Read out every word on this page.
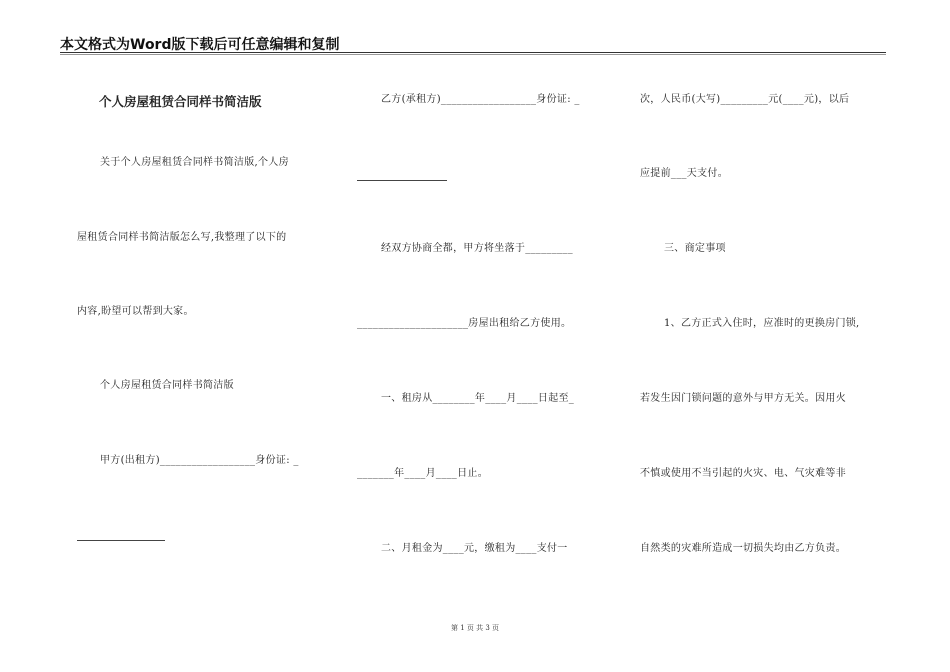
本文格式为Word版下载后可任意编辑和复制
个人房屋租赁合同样书简洁版
关于个人房屋租赁合同样书简洁版,个人房
屋租赁合同样书简洁版怎么写,我整理了以下的
内容,盼望可以帮到大家。
个人房屋租赁合同样书简洁版
甲方(出租方)__________________身份证: _
乙方(承租方)__________________身份证: _
经双方协商全都，甲方将坐落于_________
_____________________房屋出租给乙方使用。
一、租房从________年____月____日起至_
_______年____月____日止。
二、月租金为____元，缴租为____支付一
次，人民币(大写)_________元(____元)，以后
应提前___天支付。
三、商定事项
1、乙方正式入住时，应准时的更换房门锁,
若发生因门锁问题的意外与甲方无关。因用火
不慎或使用不当引起的火灾、电、气灾难等非
自然类的灾难所造成一切损失均由乙方负责。
第 1 页 共 3 页
